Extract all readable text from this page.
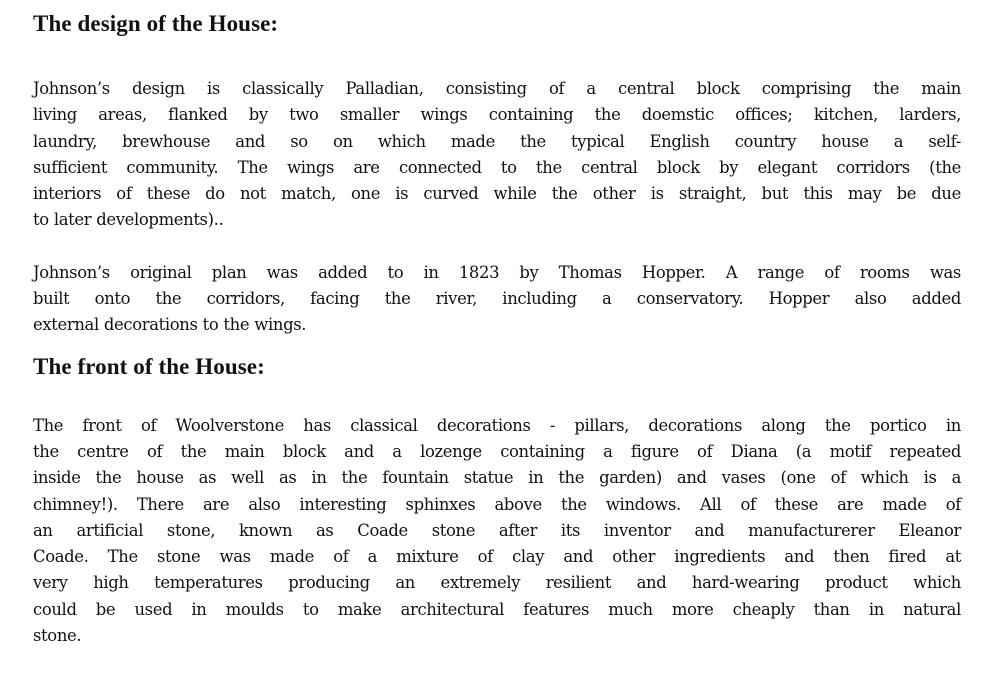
The design of the House:

Johnson’s design is classically Palladian, consisting of a central block comprising the main
living areas, flanked by two smaller wings containing the doemstic offices; kitchen, larders,
laundry, brewhouse and so on which made the typical English country house a self-
sufficient community. The wings are connected to the central block by elegant corridors (the
interiors of these do not match, one is curved while the other is straight, but this may be due
to later developments)..

Johnson’s original plan was added to in 1823 by Thomas Hopper. A range of rooms was
built onto the corridors, facing the river, including a conservatory. Hopper also added
external decorations to the wings.

The front of the House:

The front of Woolverstone has classical decorations - pillars, decorations along the portico in
the centre of the main block and a lozenge containing a figure of Diana (a motif repeated
inside the house as well as in the fountain statue in the garden) and vases (one of which is a
chimney!). There are also interesting sphinxes above the windows. All of these are made of
an artificial stone, known as Coade stone after its inventor and manufacturerer Eleanor
Coade. The stone was made of a mixture of clay and other ingredients and then fired at
very high temperatures producing an extremely resilient and hard-wearing product which
could be used in moulds to make architectural features much more cheaply than in natural
stone.
